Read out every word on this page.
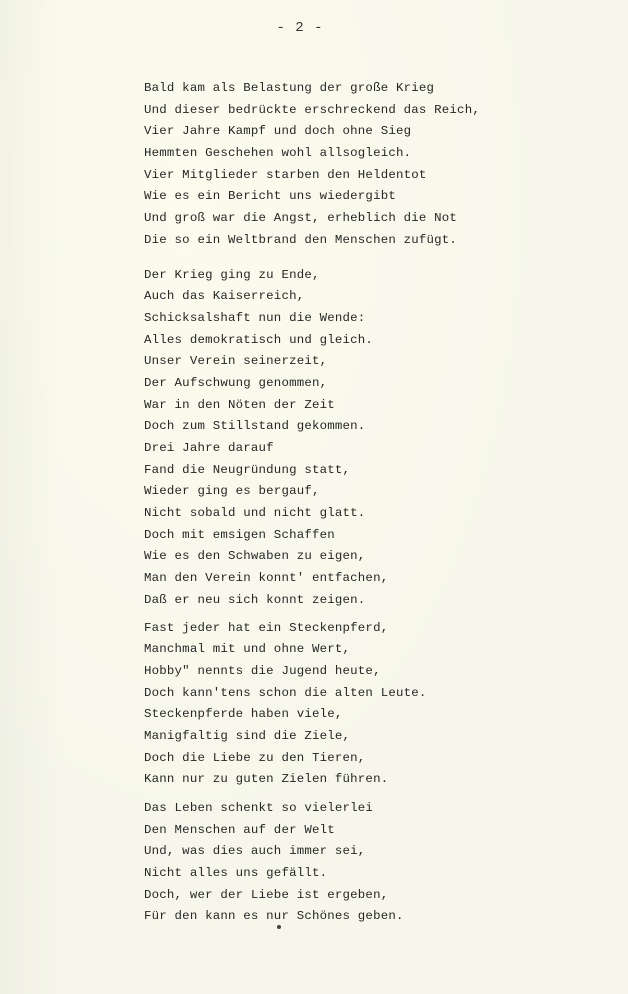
- 2 -
Bald kam als Belastung der große Krieg
Und dieser bedrückte erschreckend das Reich,
Vier Jahre Kampf und doch ohne Sieg
Hemmten Geschehen wohl allsogleich.
Vier Mitglieder starben den Heldentot
Wie es ein Bericht uns wiedergibt
Und groß war die Angst, erheblich die Not
Die so ein Weltbrand den Menschen zufügt.
Der Krieg ging zu Ende,
Auch das Kaiserreich,
Schicksalshaft nun die Wende:
Alles demokratisch und gleich.
Unser Verein seinerzeit,
Der Aufschwung genommen,
War in den Nöten der Zeit
Doch zum Stillstand gekommen.
Drei Jahre darauf
Fand die Neugründung statt,
Wieder ging es bergauf,
Nicht sobald und nicht glatt.
Doch mit emsigen Schaffen
Wie es den Schwaben zu eigen,
Man den Verein konnt' entfachen,
Daß er neu sich konnt zeigen.
Fast jeder hat ein Steckenpferd,
Manchmal mit und ohne Wert,
Hobby" nennts die Jugend heute,
Doch kann'tens schon die alten Leute.
Steckenpferde haben viele,
Manigfaltig sind die Ziele,
Doch die Liebe zu den Tieren,
Kann nur zu guten Zielen führen.
Das Leben schenkt so vielerlei
Den Menschen auf der Welt
Und, was dies auch immer sei,
Nicht alles uns gefällt.
Doch, wer der Liebe ist ergeben,
Für den kann es nur Schönes geben.
